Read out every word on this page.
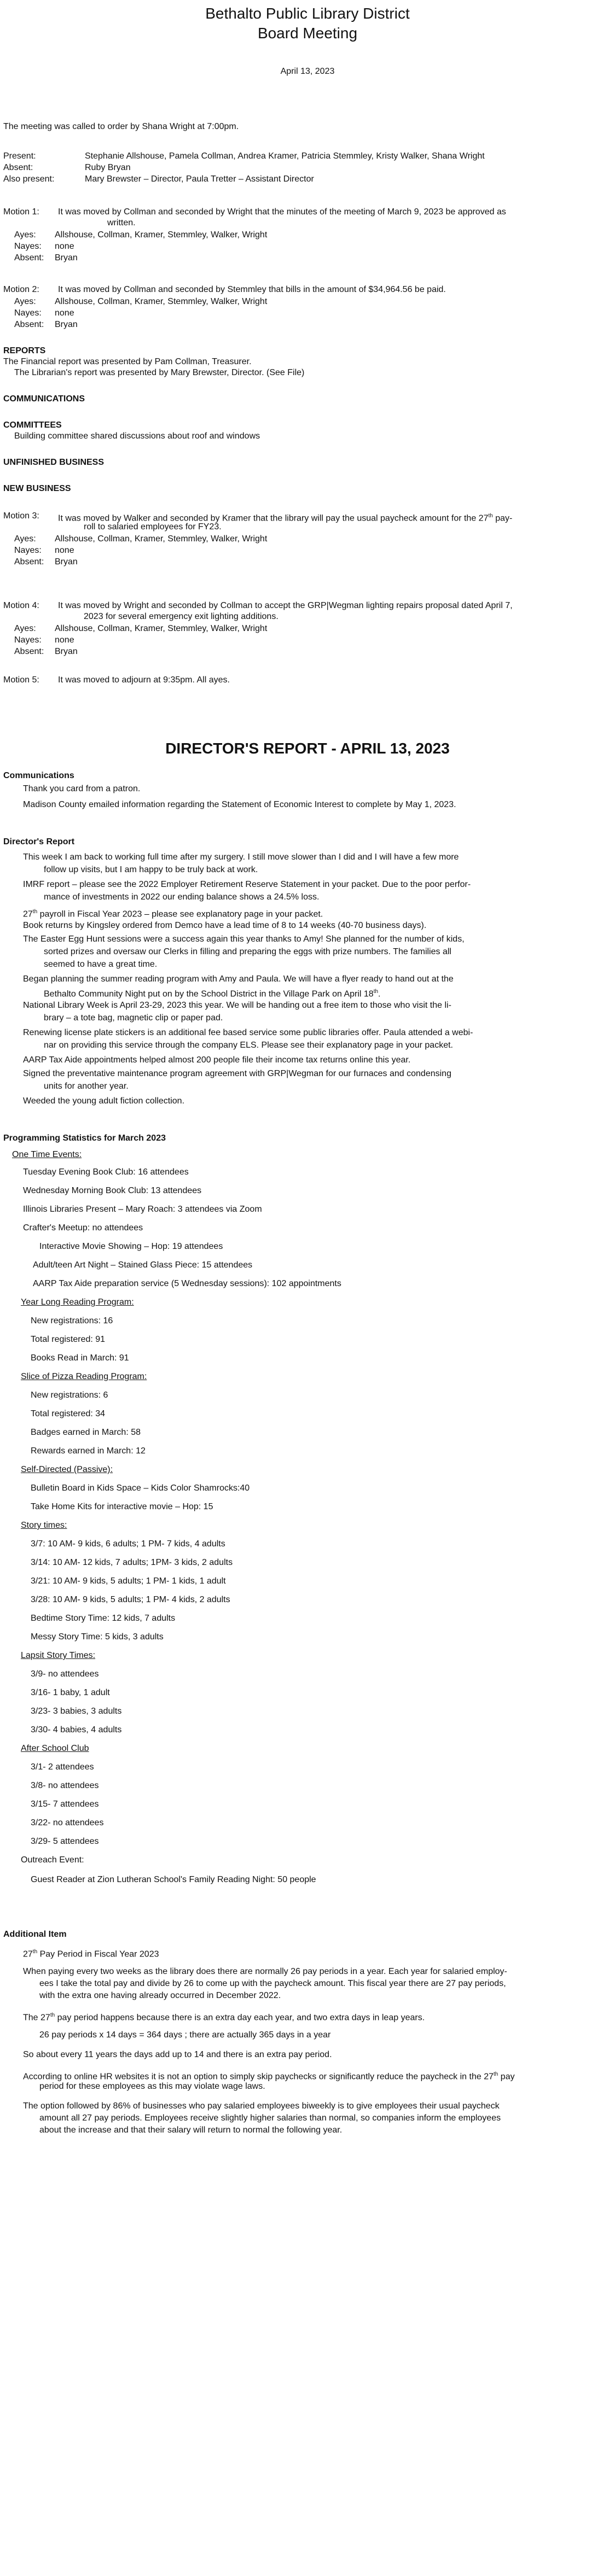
Bethalto Public Library District
Board Meeting
April 13, 2023
The meeting was called to order by Shana Wright at 7:00pm.
Present:	Stephanie Allshouse, Pamela Collman, Andrea Kramer, Patricia Stemmley, Kristy Walker, Shana Wright
Absent:	Ruby Bryan
Also present:	Mary Brewster – Director, Paula Tretter – Assistant Director
Motion 1: It was moved by Collman and seconded by Wright that the minutes of the meeting of March 9, 2023 be approved as
written.
Ayes: Allshouse, Collman, Kramer, Stemmley, Walker, Wright
Nayes: none
Absent: Bryan
Motion 2: It was moved by Collman and seconded by Stemmley that bills in the amount of $34,964.56 be paid.
Ayes: Allshouse, Collman, Kramer, Stemmley, Walker, Wright
Nayes: none
Absent: Bryan
REPORTS
The Financial report was presented by Pam Collman, Treasurer.
The Librarian's report was presented by Mary Brewster, Director. (See File)
COMMUNICATIONS
COMMITTEES
Building committee shared discussions about roof and windows
UNFINISHED BUSINESS
NEW BUSINESS
Motion 3: It was moved by Walker and seconded by Kramer that the library will pay the usual paycheck amount for the 27th pay-
roll to salaried employees for FY23.
Ayes: Allshouse, Collman, Kramer, Stemmley, Walker, Wright
Nayes: none
Absent: Bryan
Motion 4: It was moved by Wright and seconded by Collman to accept the GRP|Wegman lighting repairs proposal dated April 7,
2023 for several emergency exit lighting additions.
Ayes: Allshouse, Collman, Kramer, Stemmley, Walker, Wright
Nayes: none
Absent: Bryan
Motion 5: It was moved to adjourn at 9:35pm. All ayes.
DIRECTOR'S REPORT - APRIL 13, 2023
Communications
Thank you card from a patron.
Madison County emailed information regarding the Statement of Economic Interest to complete by May 1, 2023.
Director's Report
This week I am back to working full time after my surgery. I still move slower than I did and I will have a few more
follow up visits, but I am happy to be truly back at work.
IMRF report – please see the 2022 Employer Retirement Reserve Statement in your packet. Due to the poor perfor-
mance of investments in 2022 our ending balance shows a 24.5% loss.
27th payroll in Fiscal Year 2023 – please see explanatory page in your packet.
Book returns by Kingsley ordered from Demco have a lead time of 8 to 14 weeks (40-70 business days).
The Easter Egg Hunt sessions were a success again this year thanks to Amy! She planned for the number of kids,
sorted prizes and oversaw our Clerks in filling and preparing the eggs with prize numbers. The families all
seemed to have a great time.
Began planning the summer reading program with Amy and Paula. We will have a flyer ready to hand out at the
Bethalto Community Night put on by the School District in the Village Park on April 18th.
National Library Week is April 23-29, 2023 this year. We will be handing out a free item to those who visit the li-
brary – a tote bag, magnetic clip or paper pad.
Renewing license plate stickers is an additional fee based service some public libraries offer. Paula attended a webi-
nar on providing this service through the company ELS. Please see their explanatory page in your packet.
AARP Tax Aide appointments helped almost 200 people file their income tax returns online this year.
Signed the preventative maintenance program agreement with GRP|Wegman for our furnaces and condensing
units for another year.
Weeded the young adult fiction collection.
Programming Statistics for March 2023
One Time Events:
Tuesday Evening Book Club: 16 attendees
Wednesday Morning Book Club: 13 attendees
Illinois Libraries Present – Mary Roach: 3 attendees via Zoom
Crafter's Meetup: no attendees
Interactive Movie Showing – Hop: 19 attendees
Adult/teen Art Night – Stained Glass Piece: 15 attendees
AARP Tax Aide preparation service (5 Wednesday sessions): 102 appointments
Year Long Reading Program:
New registrations: 16
Total registered: 91
Books Read in March: 91
Slice of Pizza Reading Program:
New registrations: 6
Total registered: 34
Badges earned in March: 58
Rewards earned in March: 12
Self-Directed (Passive):
Bulletin Board in Kids Space – Kids Color Shamrocks:40
Take Home Kits for interactive movie – Hop: 15
Story times:
3/7: 10 AM- 9 kids, 6 adults; 1 PM- 7 kids, 4 adults
3/14: 10 AM- 12 kids, 7 adults; 1PM- 3 kids, 2 adults
3/21: 10 AM- 9 kids, 5 adults; 1 PM- 1 kids, 1 adult
3/28: 10 AM- 9 kids, 5 adults; 1 PM- 4 kids, 2 adults
Bedtime Story Time: 12 kids, 7 adults
Messy Story Time: 5 kids, 3 adults
Lapsit Story Times:
3/9- no attendees
3/16- 1 baby, 1 adult
3/23- 3 babies, 3 adults
3/30- 4 babies, 4 adults
After School Club
3/1- 2 attendees
3/8- no attendees
3/15- 7 attendees
3/22- no attendees
3/29- 5 attendees
Outreach Event:
Guest Reader at Zion Lutheran School's Family Reading Night: 50 people
Additional Item
27th Pay Period in Fiscal Year 2023
When paying every two weeks as the library does there are normally 26 pay periods in a year. Each year for salaried employ-
ees I take the total pay and divide by 26 to come up with the paycheck amount. This fiscal year there are 27 pay periods,
with the extra one having already occurred in December 2022.
The 27th pay period happens because there is an extra day each year, and two extra days in leap years.
26 pay periods x 14 days = 364 days ; there are actually 365 days in a year
So about every 11 years the days add up to 14 and there is an extra pay period.
According to online HR websites it is not an option to simply skip paychecks or significantly reduce the paycheck in the 27th pay
period for these employees as this may violate wage laws.
The option followed by 86% of businesses who pay salaried employees biweekly is to give employees their usual paycheck
amount all 27 pay periods. Employees receive slightly higher salaries than normal, so companies inform the employees
about the increase and that their salary will return to normal the following year.
